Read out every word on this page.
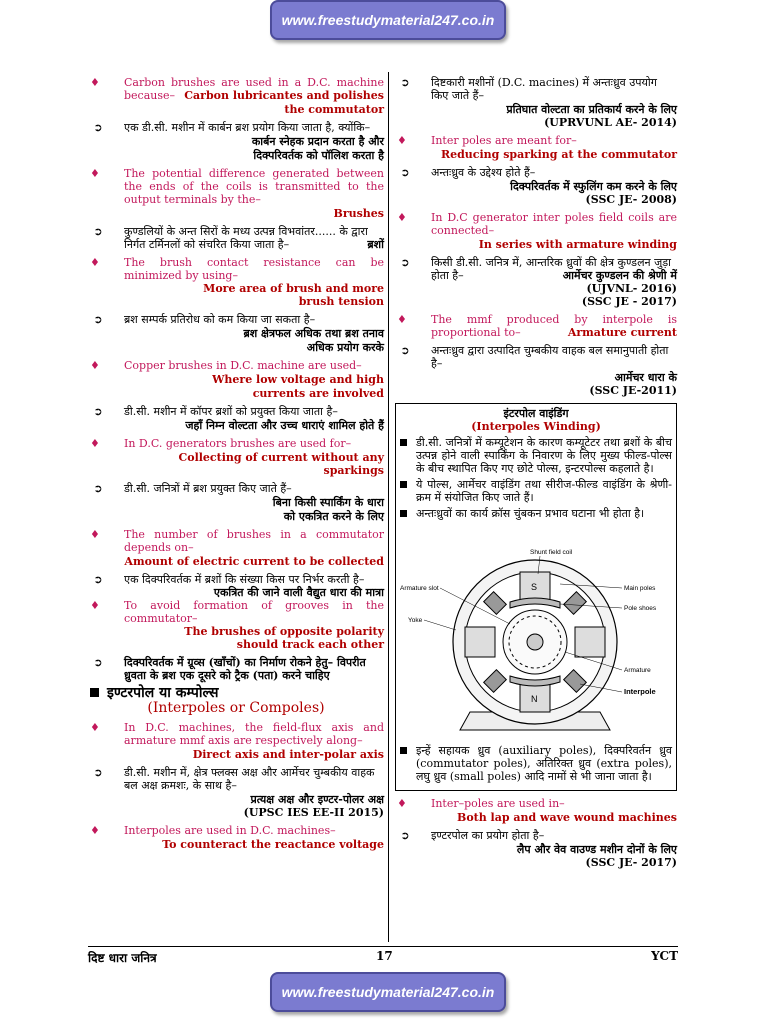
www.freestudymaterial247.co.in
♦	Carbon brushes are used in a D.C. machine because– Carbon lubricantes and polishes
the commutator
➲	एक डी.सी. मशीन में कार्बन ब्रश प्रयोग किया जाता है, क्योंकि–
कार्बन स्नेहक प्रदान करता है और
दिक्परिवर्तक को पॉलिश करता है
♦	The potential difference generated between the ends of the coils is transmitted to the output terminals by the–
Brushes
➲	कुण्डलियों के अन्त सिरों के मध्य उत्पन्न विभवांतर...... के द्वारा निर्गत टर्मिनलों को संचरित किया जाता है–	ब्रशों
♦	The brush contact resistance can be minimized by using–
More area of brush and more
brush tension
➲	ब्रश सम्पर्क प्रतिरोध को कम किया जा सकता है–
ब्रश क्षेत्रफल अधिक तथा ब्रश तनाव
अधिक प्रयोग करके
♦	Copper brushes in D.C. machine are used–
Where low voltage and high
currents are involved
➲	डी.सी. मशीन में कॉपर ब्रशों को प्रयुक्त किया जाता है–
जहाँ निम्न वोल्टता और उच्च धाराएं शामिल होते हैं
♦	In D.C. generators brushes are used for–
Collecting of current without any sparkings
➲	डी.सी. जनित्रों में ब्रश प्रयुक्त किए जाते हैं–
बिना किसी स्पार्किंग के धारा
को एकत्रित करने के लिए
♦	The number of brushes in a commutator depends on–
Amount of electric current to be collected
➲	एक दिक्परिवर्तक में ब्रशों कि संख्या किस पर निर्भर करती है–
एकत्रित की जाने वाली वैद्युत धारा की मात्रा
♦	To avoid formation of grooves in the commutator–
The brushes of opposite polarity
should track each other
➲	दिक्परिवर्तक में ग्रूव्स (खाँचों) का निर्माण रोकने हेतु– विपरीत ध्रुवता के ब्रश एक दूसरे को ट्रैक (पता) करने चाहिए
इण्टरपोल या कम्पोल्स
(Interpoles or Compoles)
♦	In D.C. machines, the field-flux axis and armature mmf axis are respectively along–
Direct axis and inter-polar axis
➲	डी.सी. मशीन में, क्षेत्र फ्लक्स अक्ष और आर्मेचर चुम्बकीय वाहक बल अक्ष क्रमशः, के साथ है–
प्रत्यक्ष अक्ष और इण्टर-पोलर अक्ष
(UPSC IES EE-II 2015)
♦	Interpoles are used in D.C. machines–
To counteract the reactance voltage
➲	दिष्टकारी मशीनों (D.C. macines) में अन्तःध्रुव उपयोग किए जाते हैं–
प्रतिघात वोल्टता का प्रतिकार्य करने के लिए
(UPRVUNL AE- 2014)
♦	Inter poles are meant for–
Reducing sparking at the commutator
➲	अन्तःध्रुव के उद्देश्य होते हैं–
दिक्परिवर्तक में स्फुलिंग कम करने के लिए
(SSC JE- 2008)
♦	In D.C generator inter poles field coils are connected–
In series with armature winding
➲	किसी डी.सी. जनित्र में, आन्तरिक ध्रुवों की क्षेत्र कुण्डलन जुड़ा होता है–	आर्मेचर कुण्डलन की श्रेणी में
(UJVNL- 2016)
(SSC JE - 2017)
♦	The mmf produced by interpole is proportional to–	Armature current
➲	अन्तःध्रुव द्वारा उत्पादित चुम्बकीय वाहक बल समानुपाती होता है–
आर्मेचर धारा के
(SSC JE-2011)
इंटरपोल वाइंडिंग
(Interpoles Winding)
डी.सी. जनित्रों में कम्यूटेशन के कारण कम्यूटेटर तथा ब्रशों के बीच उत्पन्न होने वाली स्पार्किंग के निवारण के लिए मुख्य फील्ड-पोल्स के बीच स्थापित किए गए छोटे पोल्स, इन्टरपोल्स कहलाते है।
ये पोल्स, आर्मेचर वाइंडिंग तथा सीरीज-फील्ड वाइंडिंग के श्रेणी-क्रम में संयोजित किए जाते हैं।
अन्तःध्रुवों का कार्य क्रॉस चुंबकन प्रभाव घटाना भी होता है।
S
N
Shunt field coil
Armature slot	Main poles
Pole shoes
Yoke
Armature
Interpole
इन्हें सहायक ध्रुव (auxiliary poles), दिक्परिवर्तन ध्रुव (commutator poles), अतिरिक्त ध्रुव (extra poles), लघु ध्रुव (small poles) आदि नामों से भी जाना जाता है।
♦	Inter–poles are used in–
Both lap and wave wound machines
➲	इण्टरपोल का प्रयोग होता है–
लैप और वेव वाउण्ड मशीन दोनों के लिए
(SSC JE- 2017)
दिष्ट धारा जनित्र	17	YCT
www.freestudymaterial247.co.in
